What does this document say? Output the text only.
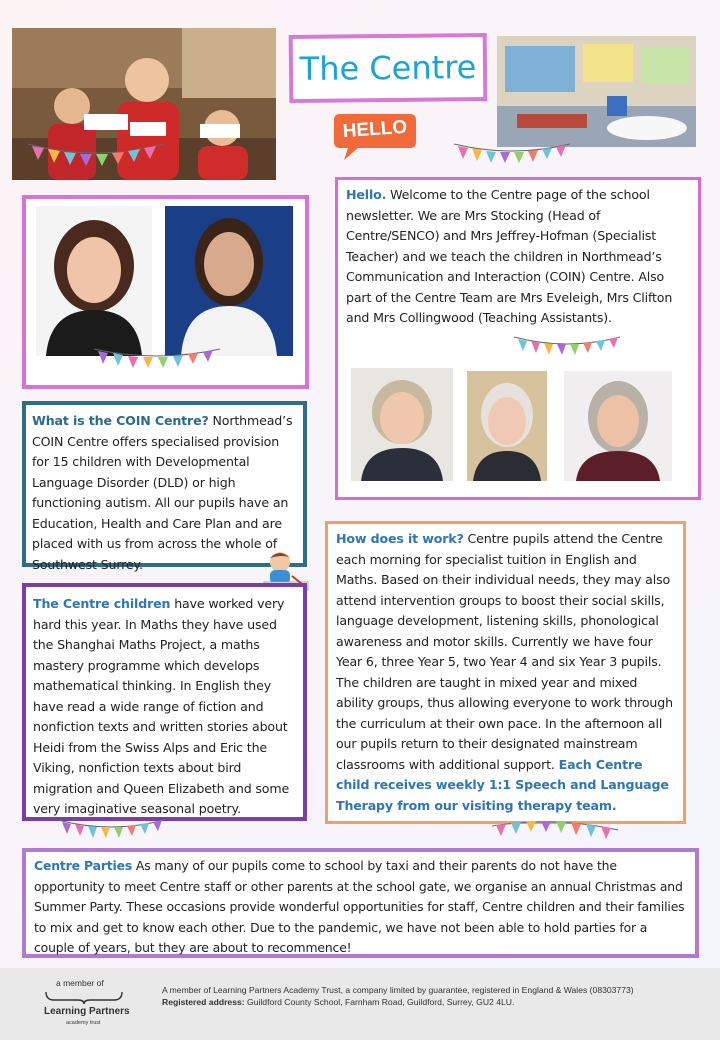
The Centre
HELLO

Hello. Welcome to the Centre page of the school newsletter. We are Mrs Stocking (Head of Centre/SENCO) and Mrs Jeffrey-Hofman (Specialist Teacher) and we teach the children in Northmead’s Communication and Interaction (COIN) Centre. Also part of the Centre Team are Mrs Eveleigh, Mrs Clifton and Mrs Collingwood (Teaching Assistants).

What is the COIN Centre? Northmead’s COIN Centre offers specialised provision for 15 children with Developmental Language Disorder (DLD) or high functioning autism. All our pupils have an Education, Health and Care Plan and are placed with us from across the whole of Southwest Surrey.

How does it work? Centre pupils attend the Centre each morning for specialist tuition in English and Maths. Based on their individual needs, they may also attend intervention groups to boost their social skills, language development, listening skills, phonological awareness and motor skills. Currently we have four Year 6, three Year 5, two Year 4 and six Year 3 pupils. The children are taught in mixed year and mixed ability groups, thus allowing everyone to work through the curriculum at their own pace. In the afternoon all our pupils return to their designated mainstream classrooms with additional support. Each Centre child receives weekly 1:1 Speech and Language Therapy from our visiting therapy team.

The Centre children have worked very hard this year. In Maths they have used the Shanghai Maths Project, a maths mastery programme which develops mathematical thinking. In English they have read a wide range of fiction and nonfiction texts and written stories about Heidi from the Swiss Alps and Eric the Viking, nonfiction texts about bird migration and Queen Elizabeth and some very imaginative seasonal poetry.

Centre Parties As many of our pupils come to school by taxi and their parents do not have the opportunity to meet Centre staff or other parents at the school gate, we organise an annual Christmas and Summer Party. These occasions provide wonderful opportunities for staff, Centre children and their families to mix and get to know each other. Due to the pandemic, we have not been able to hold parties for a couple of years, but they are about to recommence!

a member of
Learning Partners
academy trust
A member of Learning Partners Academy Trust, a company limited by guarantee, registered in England & Wales (08303773)
Registered address: Guildford County School, Farnham Road, Guildford, Surrey, GU2 4LU.
